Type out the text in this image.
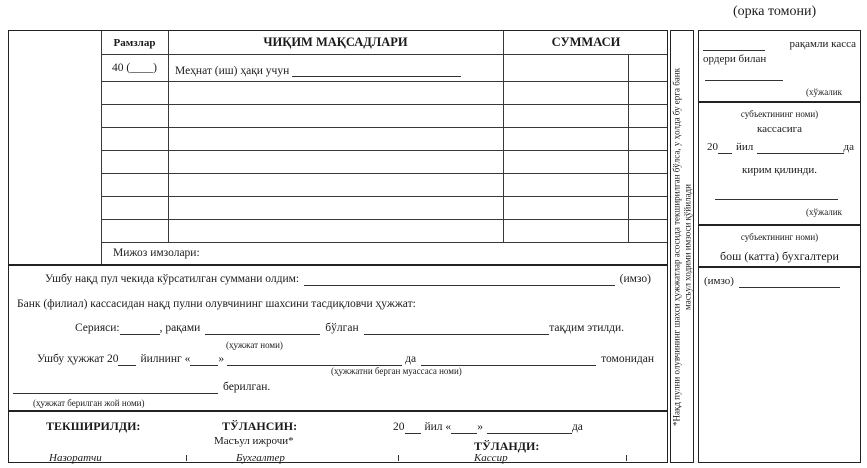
(орка томони)
Рамзлар	ЧИҚИМ МАҚСАДЛАРИ	СУММАСИ
40 (____)	Меҳнат (иш) ҳақи учун
Мижоз имзолари:
Ушбу нақд пул чекида кўрсатилган суммани олдим:	(имзо)
Банк (филиал) кассасидан нақд пулни олувчининг шахсини тасдиқловчи ҳужжат:
Серияси:	, рақами	бўлган	тақдим этилди.
(ҳужжат номи)
Ушбу ҳужжат 20 йилнинг « »	да	томонидан
(ҳужжатни берган муассаса номи)
берилган.
(ҳужжат берилган жой номи)
ТЕКШИРИЛДИ:	ТЎЛАНСИН:	20 йил « »	да
Масъул ижрочи*	ТЎЛАНДИ:
Назоратчи	Бухгалтер	Кассир
*Нақд пулни олувчининг шахси ҳужжатлар асосида текширилган бўлса, у ҳолда бу ерга банк масъул ходими имзоси қўйилади
рақамли касса
ордери билан
(хўжалик
субъектининг номи)
кассасига
20 йил	да
кирим қилинди.
(хўжалик
субъектининг номи)
бош (катта) бухгалтери
(имзо)
